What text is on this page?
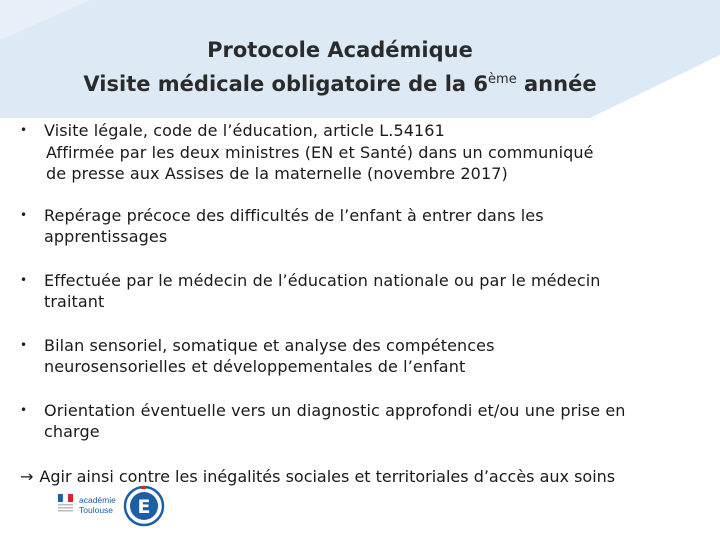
Protocole Académique
Visite médicale obligatoire de la 6ème année
• Visite légale, code de l’éducation, article L.54161
Affirmée par les deux ministres (EN et Santé) dans un communiqué
de presse aux Assises de la maternelle (novembre 2017)
• Repérage précoce des difficultés de l’enfant à entrer dans les
apprentissages
• Effectuée par le médecin de l’éducation nationale ou par le médecin
traitant
• Bilan sensoriel, somatique et analyse des compétences
neurosensorielles et développementales de l’enfant
• Orientation éventuelle vers un diagnostic approfondi et/ou une prise en
charge
→ Agir ainsi contre les inégalités sociales et territoriales d’accès aux soins
académie
Toulouse E
